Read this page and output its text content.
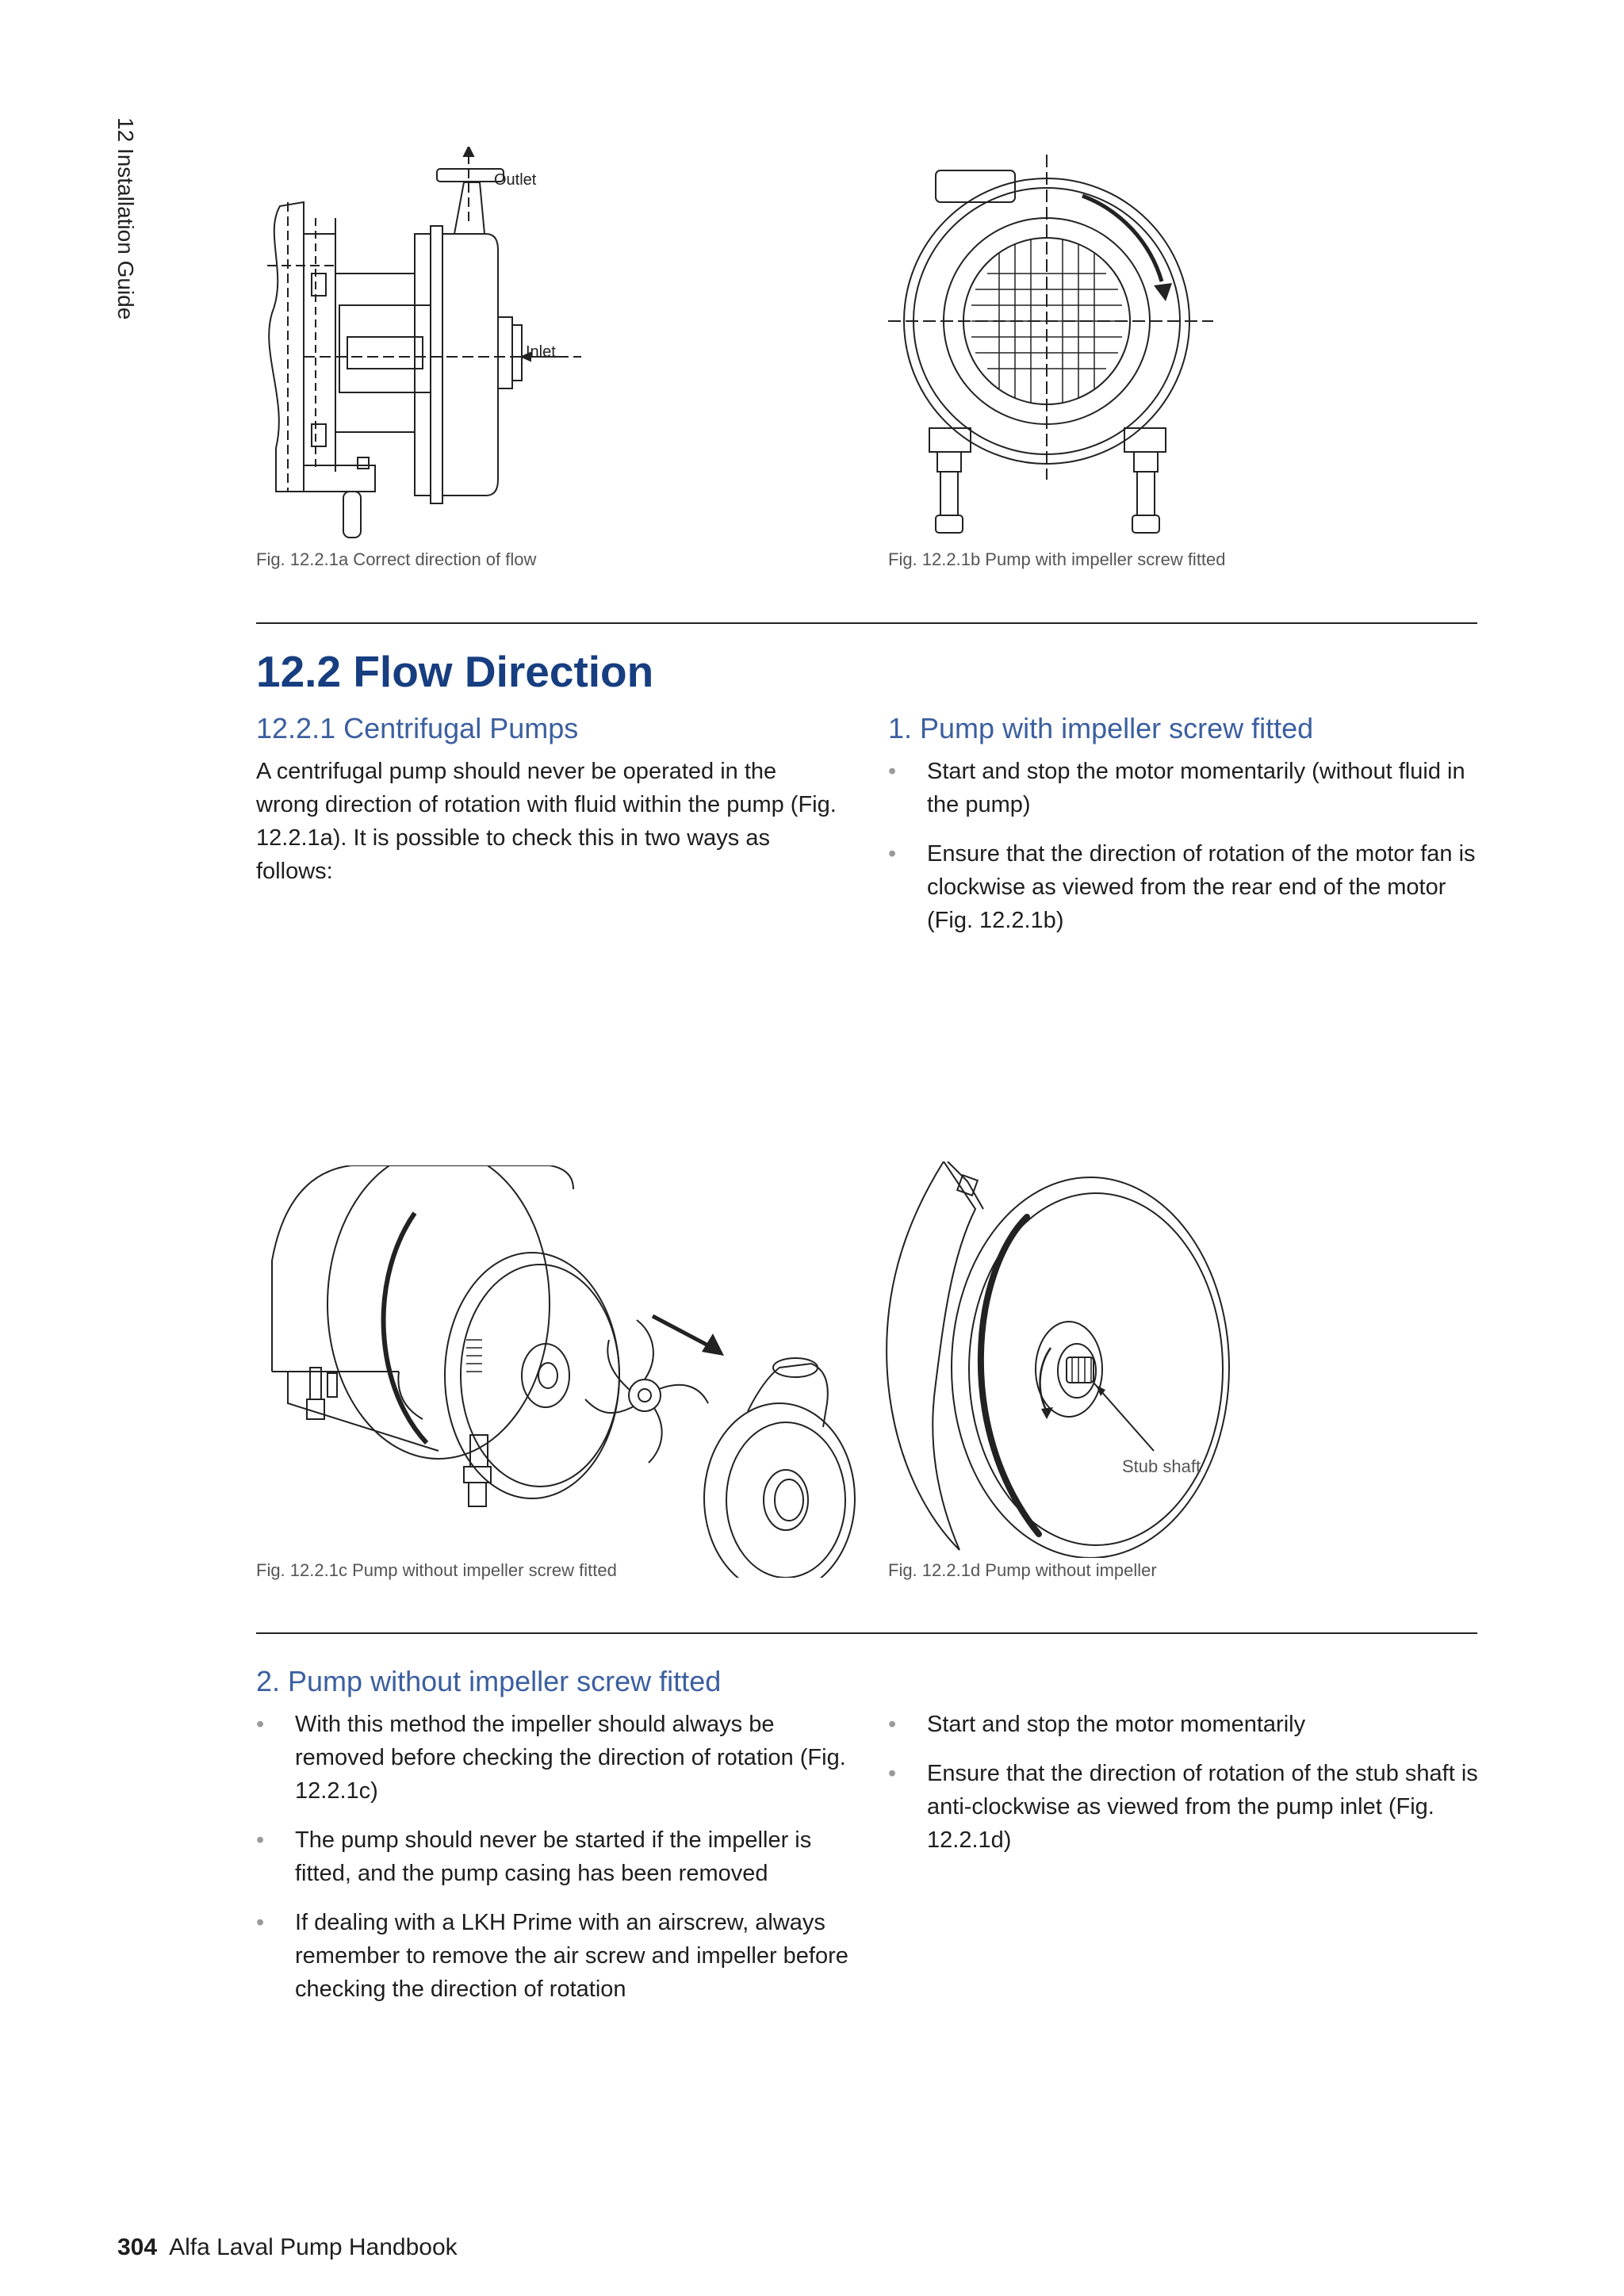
12 Installation Guide	Outlet
Inlet
Fig. 12.2.1a Correct direction of flow	Fig. 12.2.1b Pump with impeller screw fitted
12.2 Flow Direction
12.2.1 Centrifugal Pumps

A centrifugal pump should never be operated in the wrong direction of rotation with fluid within the pump (Fig. 12.2.1a). It is possible to check this in two ways as follows:

1. Pump with impeller screw fitted
• Start and stop the motor momentarily (without fluid in the pump)
• Ensure that the direction of rotation of the motor fan is clockwise as viewed from the rear end of the motor (Fig. 12.2.1b)
Fig. 12.2.1c Pump without impeller screw fitted
Stub shaft
Fig. 12.2.1d Pump without impeller
2. Pump without impeller screw fitted
• With this method the impeller should always be removed before checking the direction of rotation (Fig. 12.2.1c)
• The pump should never be started if the impeller is fitted, and the pump casing has been removed
• If dealing with a LKH Prime with an airscrew, always remember to remove the air screw and impeller before checking the direction of rotation
• Start and stop the motor momentarily
• Ensure that the direction of rotation of the stub shaft is anti-clockwise as viewed from the pump inlet (Fig. 12.2.1d)
304 Alfa Laval Pump Handbook
